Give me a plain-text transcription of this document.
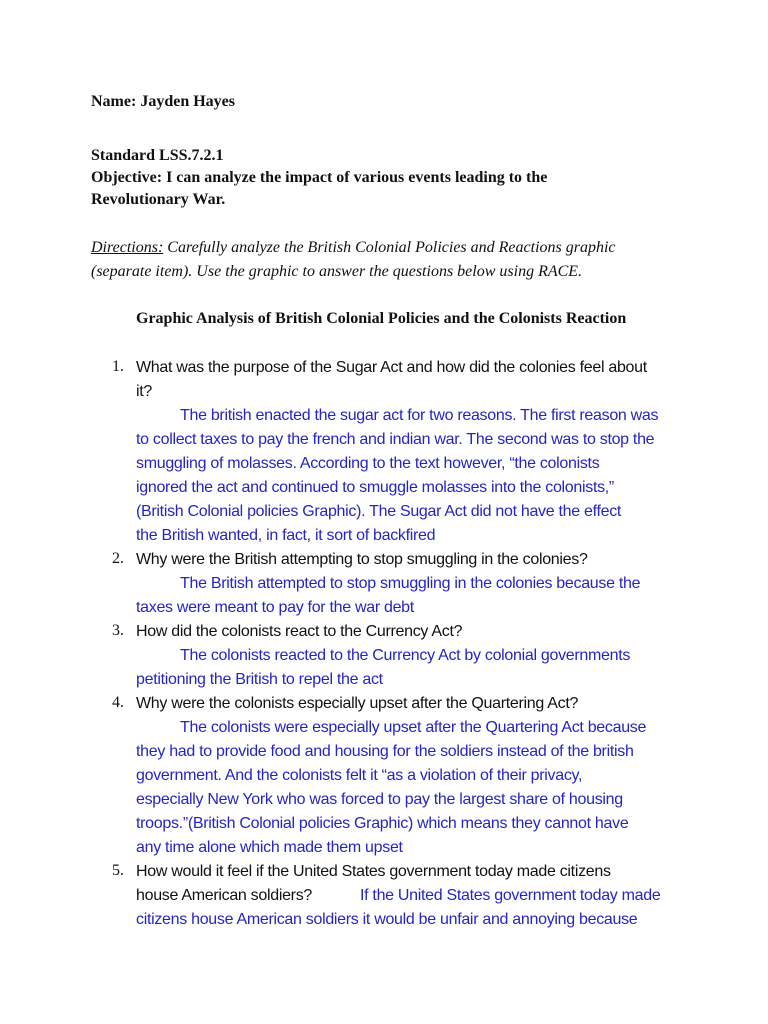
Name: Jayden Hayes
Standard LSS.7.2.1
Objective: I can analyze the impact of various events leading to the
Revolutionary War.
Directions: Carefully analyze the British Colonial Policies and Reactions graphic
(separate item). Use the graphic to answer the questions below using RACE.
Graphic Analysis of British Colonial Policies and the Colonists Reaction
1. What was the purpose of the Sugar Act and how did the colonies feel about
it?
The british enacted the sugar act for two reasons. The first reason was
to collect taxes to pay the french and indian war. The second was to stop the
smuggling of molasses. According to the text however, “the colonists
ignored the act and continued to smuggle molasses into the colonists,”
(British Colonial policies Graphic). The Sugar Act did not have the effect
the British wanted, in fact, it sort of backfired
2. Why were the British attempting to stop smuggling in the colonies?
The British attempted to stop smuggling in the colonies because the
taxes were meant to pay for the war debt
3. How did the colonists react to the Currency Act?
The colonists reacted to the Currency Act by colonial governments
petitioning the British to repel the act
4. Why were the colonists especially upset after the Quartering Act?
The colonists were especially upset after the Quartering Act because
they had to provide food and housing for the soldiers instead of the british
government. And the colonists felt it “as a violation of their privacy,
especially New York who was forced to pay the largest share of housing
troops.”(British Colonial policies Graphic) which means they cannot have
any time alone which made them upset
5. How would it feel if the United States government today made citizens
house American soldiers?	If the United States government today made
citizens house American soldiers it would be unfair and annoying because
